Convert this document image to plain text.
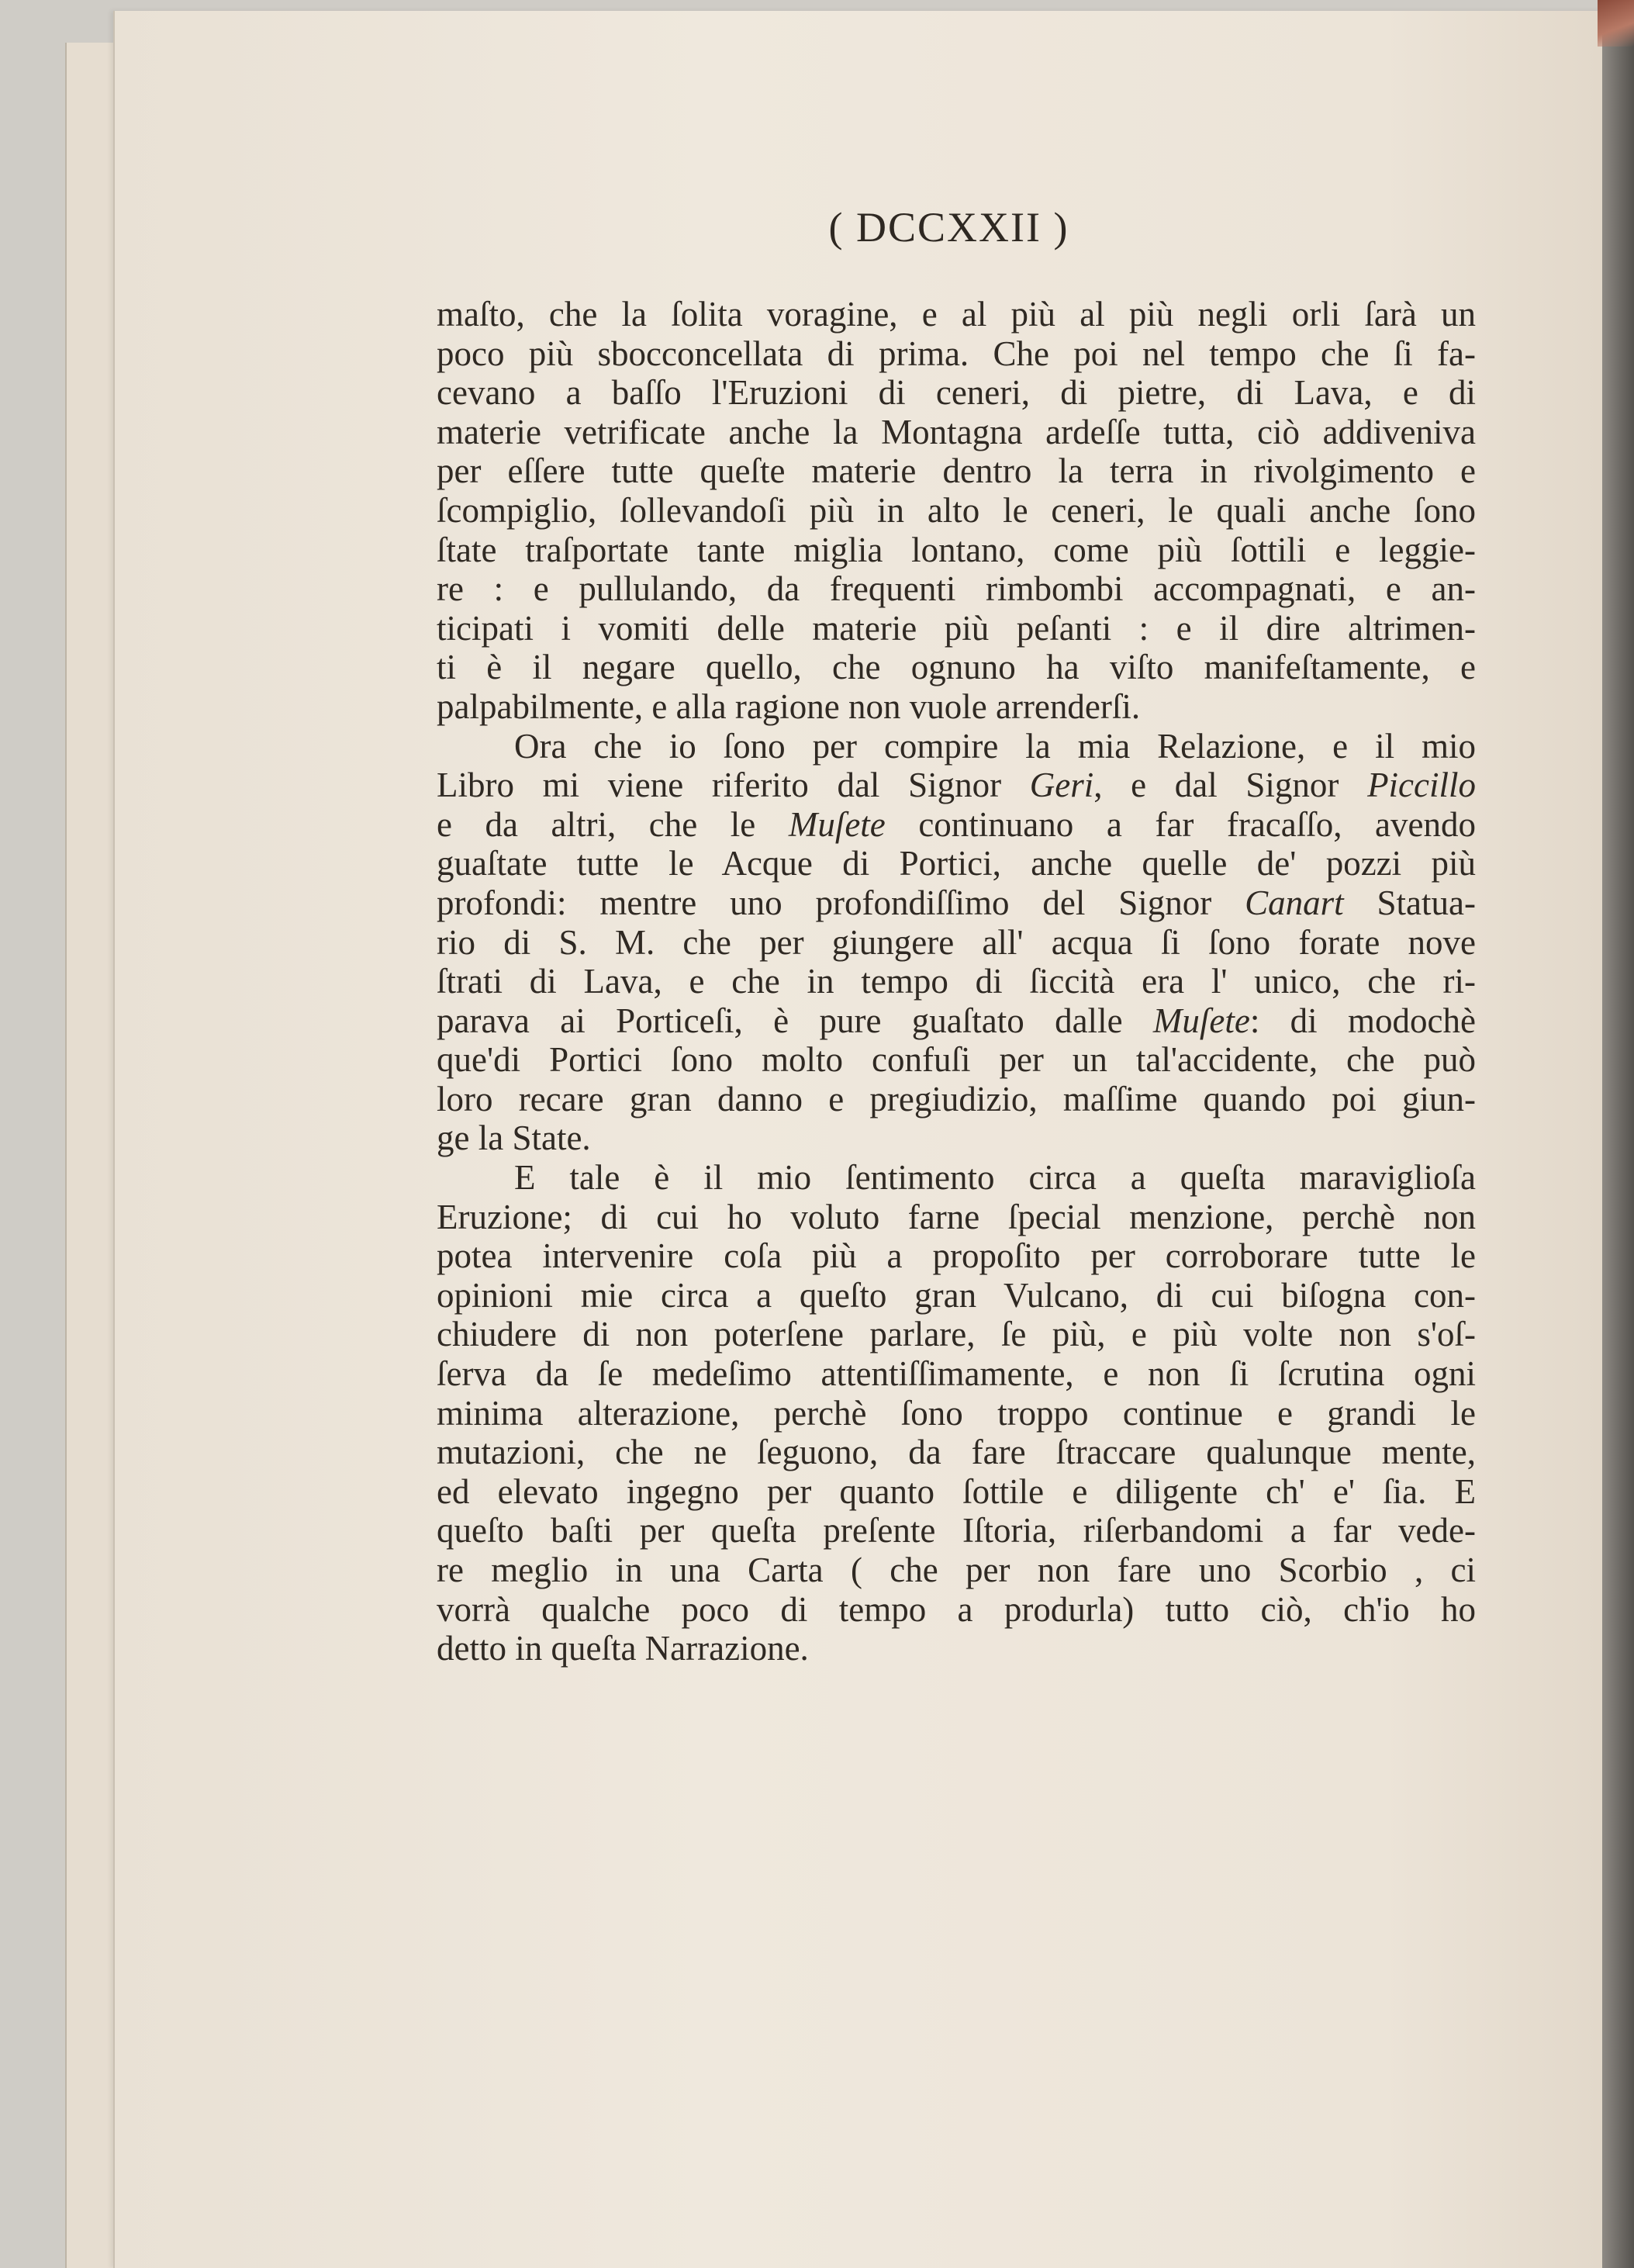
( DCCXXII )
maſto, che la ſolita voragine, e al più al più negli orli ſarà un
poco più sbocconcellata di prima. Che poi nel tempo che ſi fa-
cevano a baſſo l'Eruzioni di ceneri, di pietre, di Lava, e di
materie vetrificate anche la Montagna ardeſſe tutta, ciò addiveniva
per eſſere tutte queſte materie dentro la terra in rivolgimento e
ſcompiglio, ſollevandoſi più in alto le ceneri, le quali anche ſono
ſtate traſportate tante miglia lontano, come più ſottili e leggie-
re : e pullulando, da frequenti rimbombi accompagnati, e an-
ticipati i vomiti delle materie più peſanti : e il dire altrimen-
ti è il negare quello, che ognuno ha viſto manifeſtamente, e
palpabilmente, e alla ragione non vuole arrenderſi.
Ora che io ſono per compire la mia Relazione, e il mio
Libro mi viene riferito dal Signor Geri, e dal Signor Piccillo
e da altri, che le Muſete continuano a far fracaſſo, avendo
guaſtate tutte le Acque di Portici, anche quelle de' pozzi più
profondi: mentre uno profondiſſimo del Signor Canart Statua-
rio di S. M. che per giungere all' acqua ſi ſono forate nove
ſtrati di Lava, e che in tempo di ſiccità era l' unico, che ri-
parava ai Porticeſi, è pure guaſtato dalle Muſete: di modochè
que'di Portici ſono molto confuſi per un tal'accidente, che può
loro recare gran danno e pregiudizio, maſſime quando poi giun-
ge la State.
E tale è il mio ſentimento circa a queſta maraviglioſa
Eruzione; di cui ho voluto farne ſpecial menzione, perchè non
potea intervenire coſa più a propoſito per corroborare tutte le
opinioni mie circa a queſto gran Vulcano, di cui biſogna con-
chiudere di non poterſene parlare, ſe più, e più volte non s'oſ-
ſerva da ſe medeſimo attentiſſimamente, e non ſi ſcrutina ogni
minima alterazione, perchè ſono troppo continue e grandi le
mutazioni, che ne ſeguono, da fare ſtraccare qualunque mente,
ed elevato ingegno per quanto ſottile e diligente ch' e' ſia. E
queſto baſti per queſta preſente Iſtoria, riſerbandomi a far vede-
re meglio in una Carta ( che per non fare uno Scorbio , ci
vorrà qualche poco di tempo a produrla) tutto ciò, ch'io ho
detto in queſta Narrazione.
